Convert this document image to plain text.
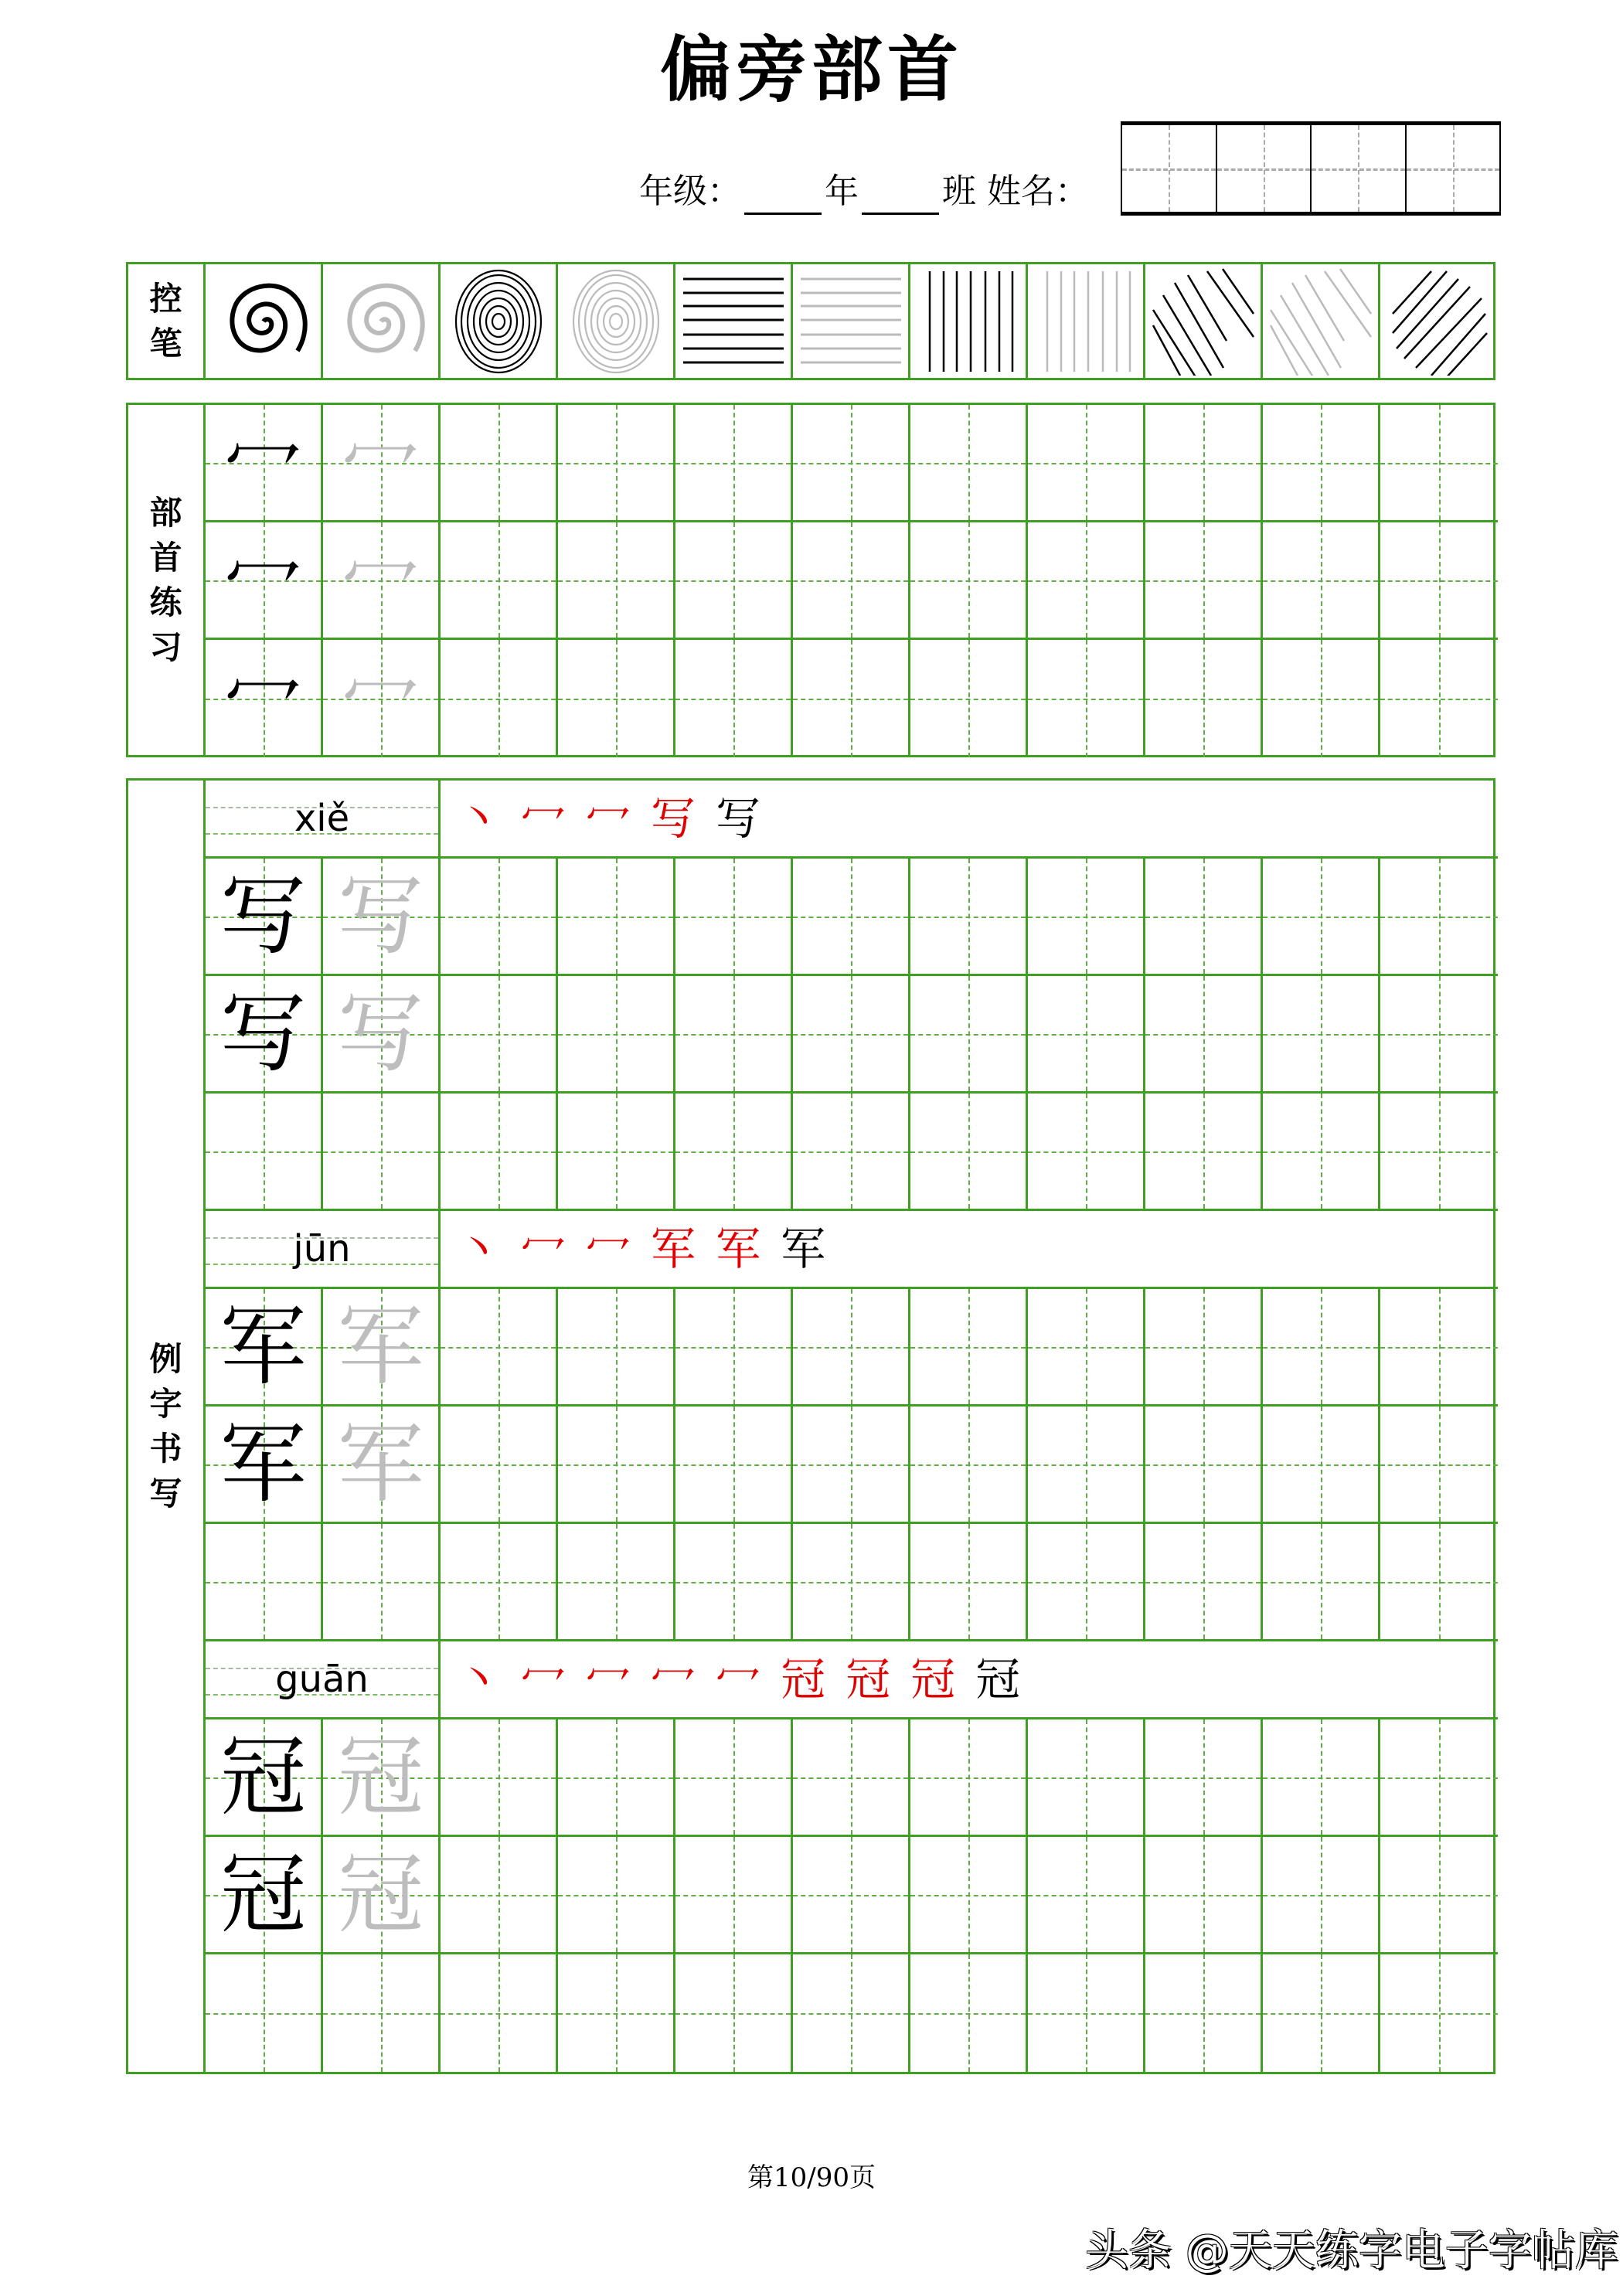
偏旁部首
年级： 年 班 姓名：
控
笔
部
首
练
习
冖 冖
冖 冖
冖 冖
例
字
书
写
xiě	丶 冖 冖 写 写
写 写
写 写
jūn	丶 冖 冖 军 军 军
军 军
军 军
guān	丶 冖 冖 冖 冖 冠 冠 冠 冠
冠 冠
冠 冠
第10/90页
头条 @天天练字电子字帖库
